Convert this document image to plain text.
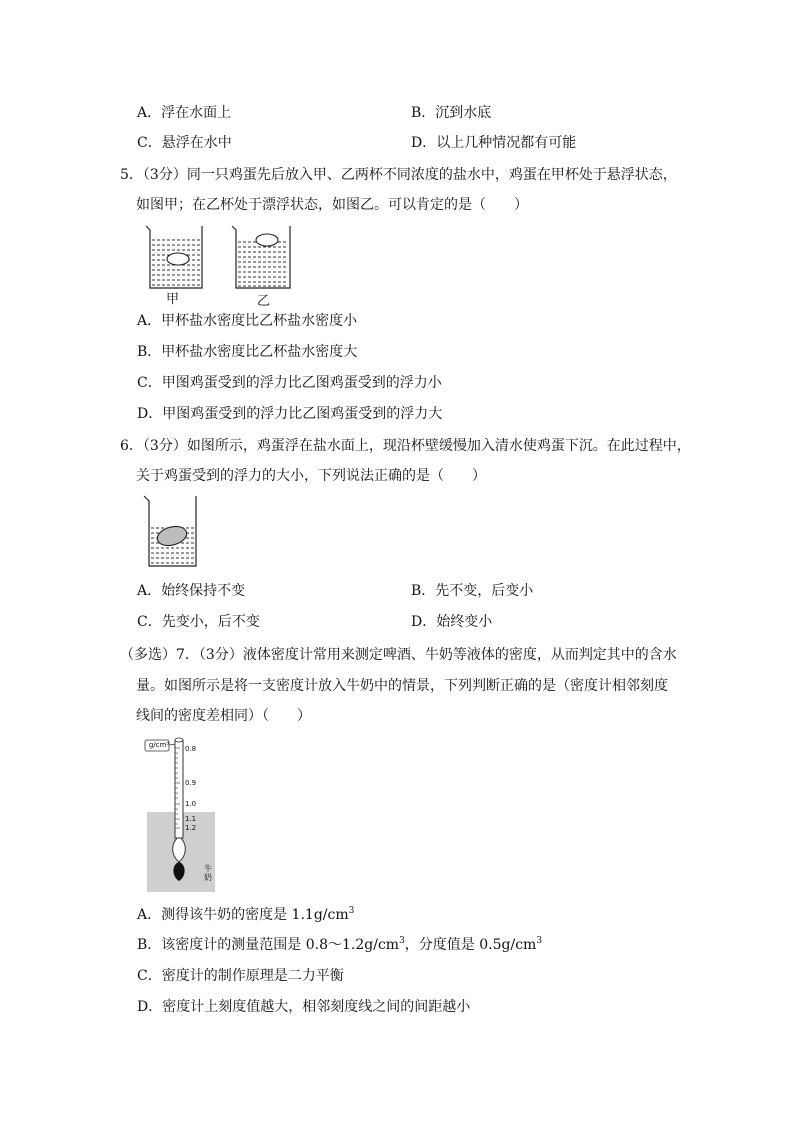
A．浮在水面上	B．沉到水底
C．悬浮在水中	D．以上几种情况都有可能
5．（3分）同一只鸡蛋先后放入甲、乙两杯不同浓度的盐水中，鸡蛋在甲杯处于悬浮状态，
如图甲；在乙杯处于漂浮状态，如图乙。可以肯定的是（　　）
甲	乙
A．甲杯盐水密度比乙杯盐水密度小
B．甲杯盐水密度比乙杯盐水密度大
C．甲图鸡蛋受到的浮力比乙图鸡蛋受到的浮力小
D．甲图鸡蛋受到的浮力比乙图鸡蛋受到的浮力大
6．（3分）如图所示，鸡蛋浮在盐水面上，现沿杯壁缓慢加入清水使鸡蛋下沉。在此过程中，
关于鸡蛋受到的浮力的大小，下列说法正确的是（　　）
A．始终保持不变	B．先不变，后变小
C．先变小，后不变	D．始终变小
（多选）7．（3分）液体密度计常用来测定啤酒、牛奶等液体的密度，从而判定其中的含水
量。如图所示是将一支密度计放入牛奶中的情景，下列判断正确的是（密度计相邻刻度
线间的密度差相同）（　　）
g/cm³ 0.8
0.9
1.0
1.1
1.2
牛奶
A．测得该牛奶的密度是 $1.1g/cm^3$
B．该密度计的测量范围是 $0.8\sim 1.2g/cm^3$，分度值是 $0.5g/cm^3$
C．密度计的制作原理是二力平衡
D．密度计上刻度值越大，相邻刻度线之间的间距越小
